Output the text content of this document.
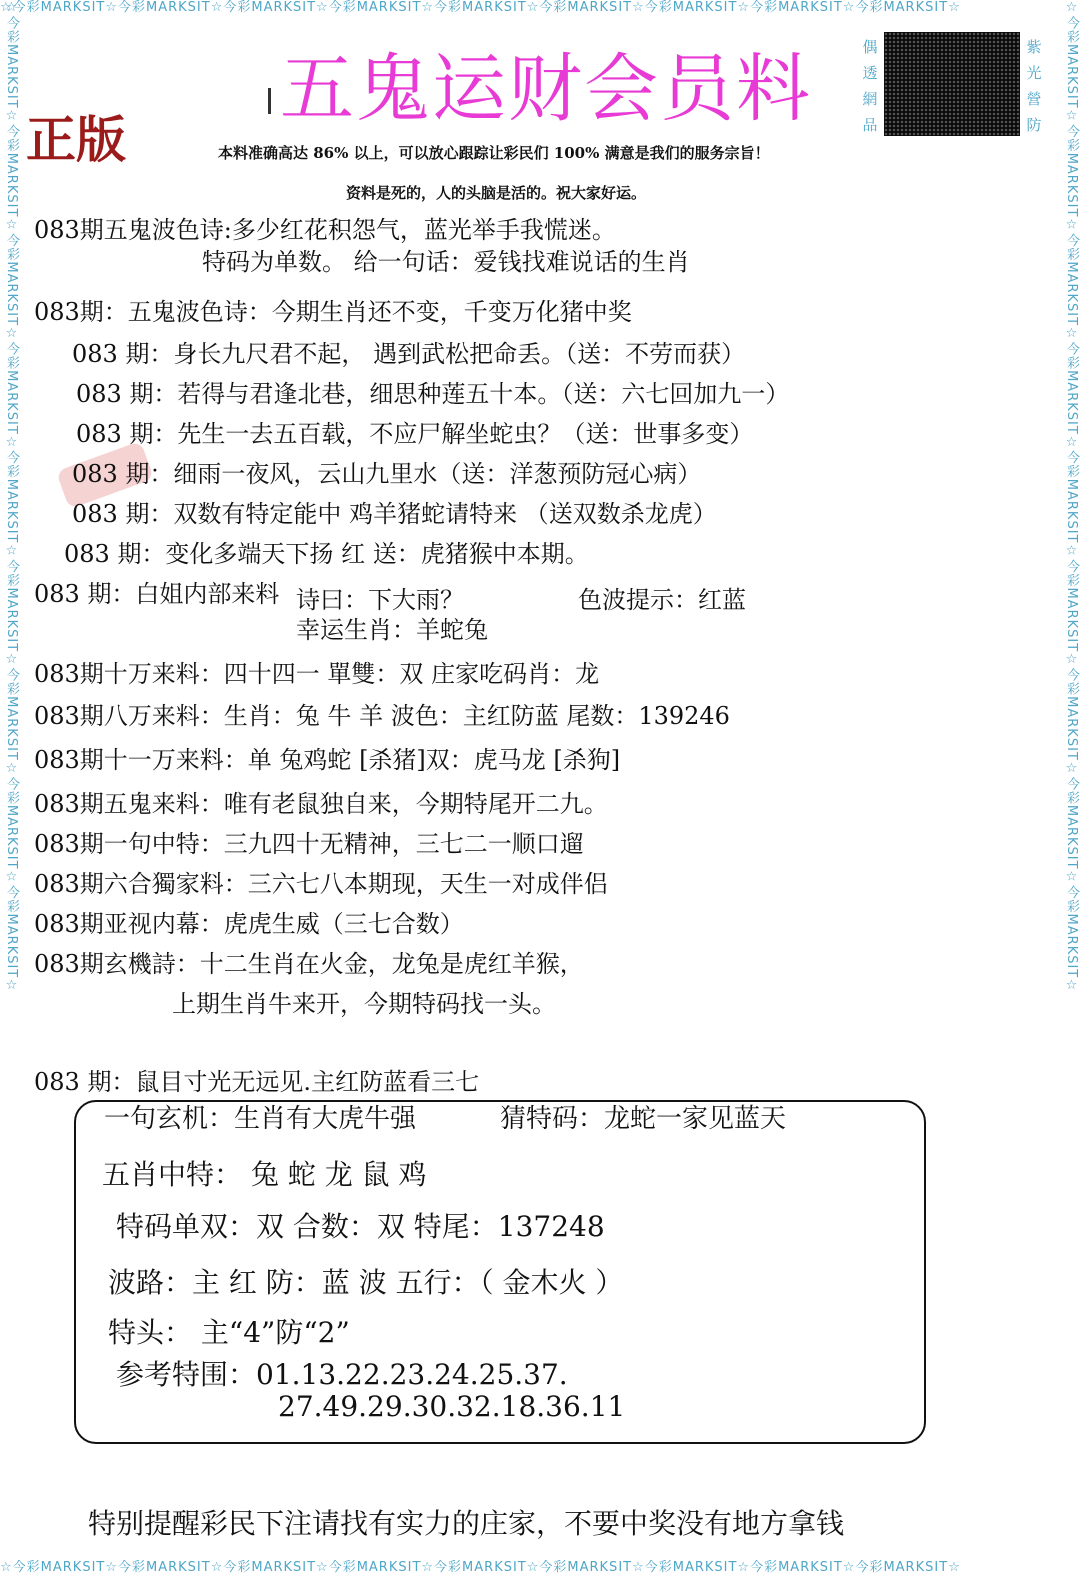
☆今彩MARKSIT☆今彩MARKSIT☆今彩MARKSIT☆今彩MARKSIT☆今彩MARKSIT☆今彩MARKSIT☆今彩MARKSIT☆今彩MARKSIT☆今彩MARKSIT☆
☆今彩MARKSIT☆今彩MARKSIT☆今彩MARKSIT☆今彩MARKSIT☆今彩MARKSIT☆今彩MARKSIT☆今彩MARKSIT☆今彩MARKSIT☆今彩MARKSIT☆
☆今彩MARKSIT☆今彩MARKSIT☆今彩MARKSIT☆今彩MARKSIT☆今彩MARKSIT☆今彩MARKSIT☆今彩MARKSIT☆今彩MARKSIT☆今彩MARKSIT☆	☆今彩MARKSIT☆今彩MARKSIT☆今彩MARKSIT☆今彩MARKSIT☆今彩MARKSIT☆今彩MARKSIT☆今彩MARKSIT☆今彩MARKSIT☆今彩MARKSIT☆
正版
五鬼运财会员料	偶透網品
紫光營防
本料准确高达 86% 以上，可以放心跟踪让彩民们 100% 满意是我们的服务宗旨！
资料是死的，人的头脑是活的。祝大家好运。
083期五鬼波色诗:多少红花积怨气，蓝光举手我慌迷。
特码为单数。 给一句话：爱钱找难说话的生肖
083期：五鬼波色诗：今期生肖还不变，千变万化猪中奖
083 期：身长九尺君不起， 遇到武松把命丢。（送：不劳而获）
083 期：若得与君逢北巷，细思种莲五十本。（送：六七回加九一）
083 期：先生一去五百载，不应尸解坐蛇虫？（送：世事多变）
083 期：细雨一夜风，云山九里水（送：洋葱预防冠心病）
083 期：双数有特定能中 鸡羊猪蛇请特来 （送双数杀龙虎）
083 期：变化多端天下扬 红 送：虎猪猴中本期。
083 期：白姐内部来料 诗曰：下大雨？	色波提示：红蓝
幸运生肖：羊蛇兔
083期十万来料：四十四一 單雙：双 庄家吃码肖：龙
083期八万来料：生肖：兔 牛 羊 波色：主红防蓝 尾数：139246
083期十一万来料：单 兔鸡蛇 [杀猪]双：虎马龙 [杀狗]
083期五鬼来料：唯有老鼠独自来，今期特尾开二九。
083期一句中特：三九四十无精神，三七二一顺口遛
083期六合獨家料：三六七八本期现，天生一对成伴侣
083期亚视内幕：虎虎生威（三七合数）
083期玄機詩：十二生肖在火金，龙兔是虎红羊猴，
上期生肖牛来开，今期特码找一头。
083 期：鼠目寸光无远见.主红防蓝看三七
一句玄机：生肖有大虎牛强	猜特码：龙蛇一家见蓝天
五肖中特： 兔 蛇 龙 鼠 鸡
特码单双：双 合数：双 特尾：137248
波路：主 红 防：蓝 波 五行：（ 金木火 ）
特头： 主“4”防“2”
参考特围：01.13.22.23.24.25.37.
27.49.29.30.32.18.36.11
特别提醒彩民下注请找有实力的庄家，不要中奖没有地方拿钱
